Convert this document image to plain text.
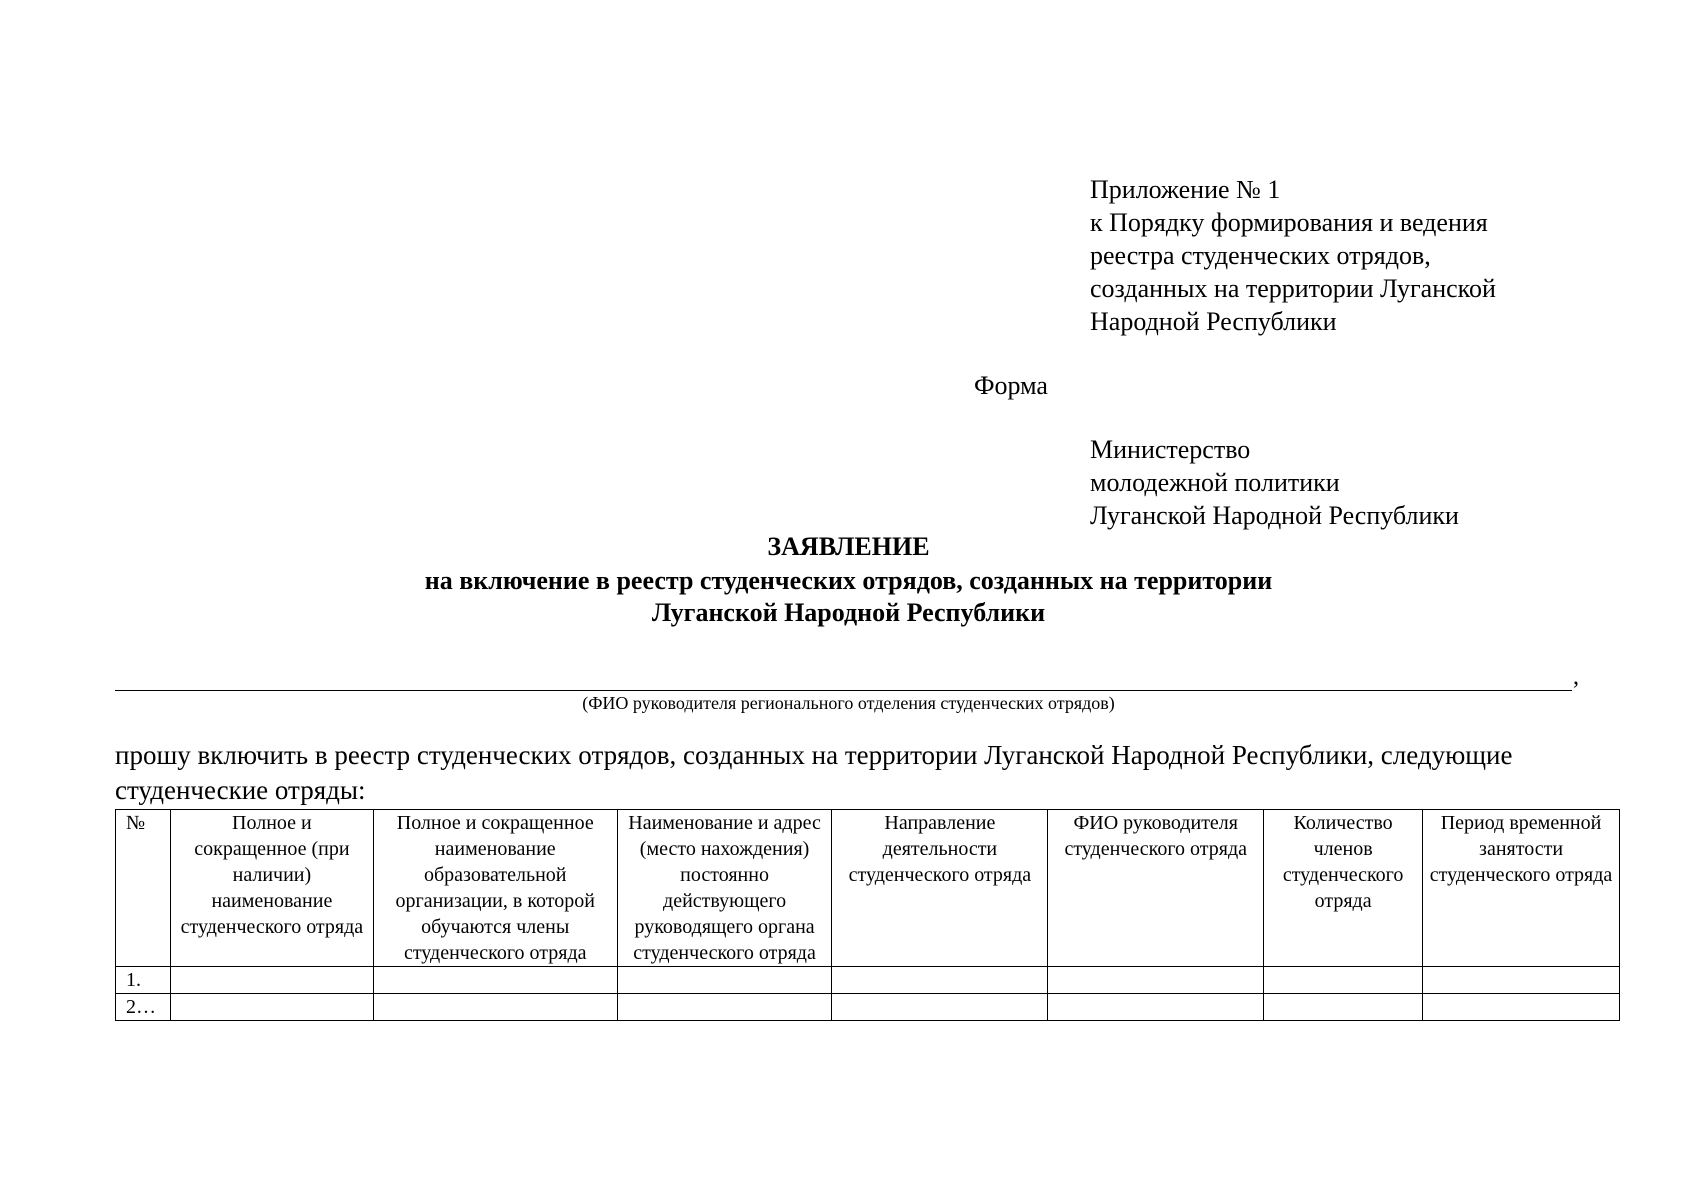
Приложение № 1
к Порядку формирования и ведения
реестра студенческих отрядов,
созданных на территории Луганской
Народной Республики
Форма
Министерство
молодежной политики
Луганской Народной Республики
ЗАЯВЛЕНИЕ
на включение в реестр студенческих отрядов, созданных на территории
Луганской Народной Республики
,
(ФИО руководителя регионального отделения студенческих отрядов)
прошу включить в реестр студенческих отрядов, созданных на территории Луганской Народной Республики, следующие
студенческие отряды:
№	Полное и сокращенное (при наличии) наименование студенческого отряда	Полное и сокращенное наименование образовательной организации, в которой обучаются члены студенческого отряда	Наименование и адрес (место нахождения) постоянно действующего руководящего органа студенческого отряда	Направление деятельности студенческого отряда	ФИО руководителя студенческого отряда	Количество членов студенческого отряда	Период временной занятости студенческого отряда
1.							
2…							
